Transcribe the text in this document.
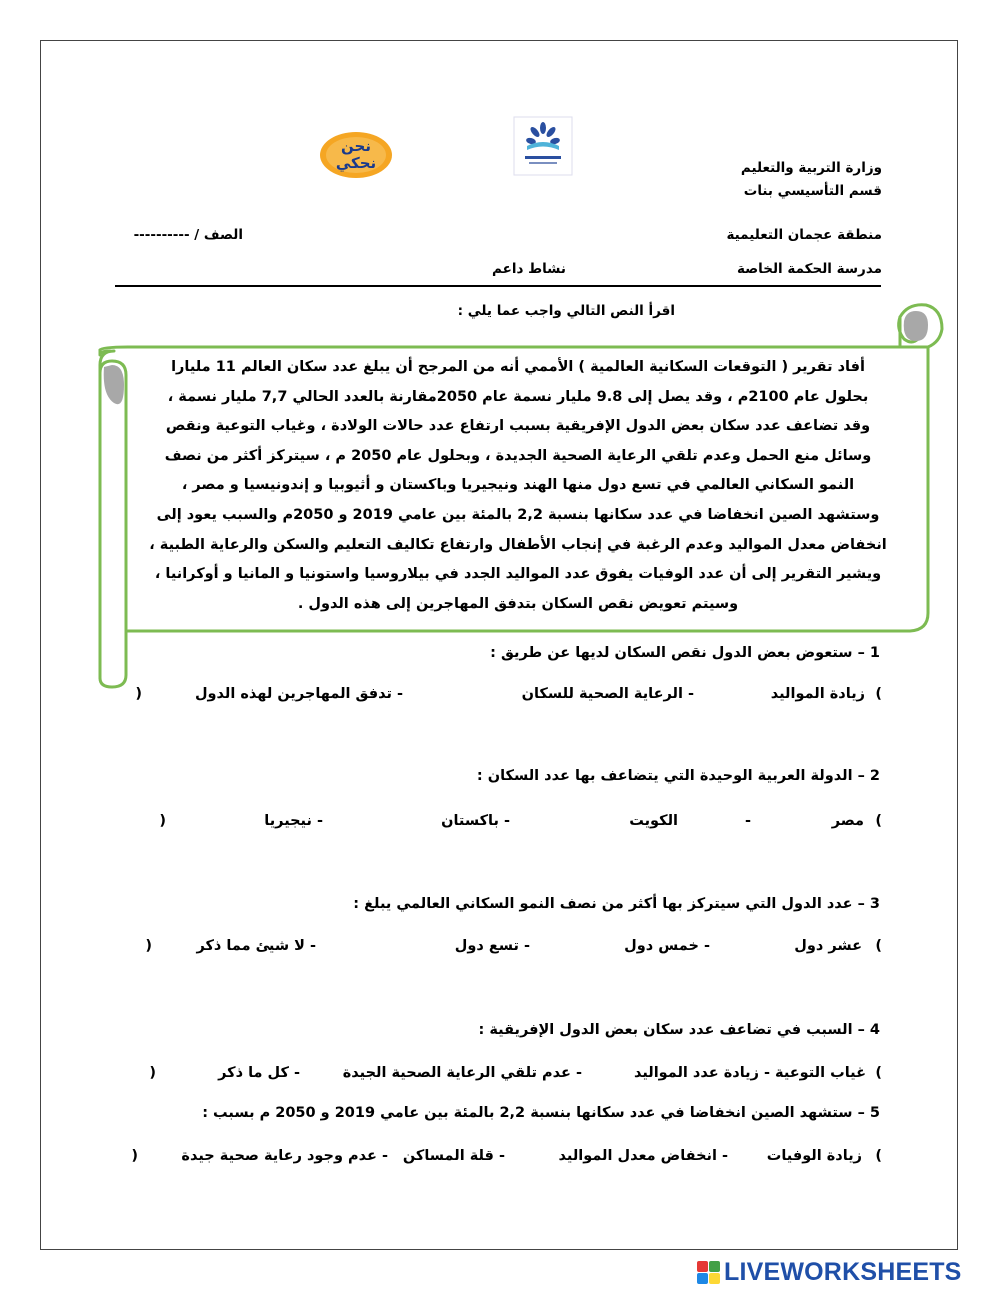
نحن
نحكي	وزارة التربية والتعليم
قسم التأسيسي بنات
منطقة عجمان التعليمية
مدرسة الحكمة الخاصة
الصف / ----------
نشاط داعم
اقرأ النص التالي واجب عما يلي :

أفاد تقرير ( التوقعات السكانية العالمية ) الأممي أنه من المرجح أن يبلغ عدد سكان العالم 11 مليارا

بحلول عام 2100م ، وقد يصل إلى 9.8 مليار نسمة عام 2050مقارنة بالعدد الحالي 7,7 مليار نسمة ،

وقد تضاعف عدد سكان بعض الدول الإفريقية بسبب ارتفاع عدد حالات الولادة ، وغياب التوعية ونقص

وسائل منع الحمل وعدم تلقي الرعاية الصحية الجديدة ، وبحلول عام 2050 م ، سيتركز أكثر من نصف

النمو السكاني العالمي في تسع دول منها الهند ونيجيريا وباكستان و أثيوبيا و إندونيسيا و مصر ،

وستشهد الصين انخفاضا في عدد سكانها بنسبة 2,2 بالمئة بين عامي 2019 و 2050م والسبب يعود إلى

انخفاض معدل المواليد وعدم الرغبة في إنجاب الأطفال وارتفاع تكاليف التعليم والسكن والرعاية الطبية ،

ويشير التقرير إلى أن عدد الوفيات يفوق عدد المواليد الجدد في بيلاروسيا واستونيا و المانيا و أوكرانيا ،

وسيتم تعويض نقص السكان بتدفق المهاجرين إلى هذه الدول .

1 – ستعوض بعض الدول نقص السكان لديها عن طريق :
(
زيادة المواليد
- الرعاية الصحية للسكان
- تدفق المهاجرين لهذه الدول
)
2 – الدولة العربية الوحيدة التي يتضاعف بها عدد السكان :
(
مصر
-
الكويت
- باكستان
- نيجيريا
)
3 – عدد الدول التي سيتركز بها أكثر من نصف النمو السكاني العالمي يبلغ :
(
عشر دول
- خمس دول
- تسع دول
- لا شيئ مما ذكر
)
4 – السبب في تضاعف عدد سكان بعض الدول الإفريقية :
(
غياب التوعية - زيادة عدد المواليد
- عدم تلقي الرعاية الصحية الجيدة
- كل ما ذكر
)
5 – ستشهد الصين انخفاضا في عدد سكانها بنسبة 2,2 بالمئة بين عامي 2019 و 2050 م بسبب :
(
زيادة الوفيات
- انخفاض معدل المواليد
- قلة المساكن
- عدم وجود رعاية صحية جيدة
)
LIVEWORKSHEETS
